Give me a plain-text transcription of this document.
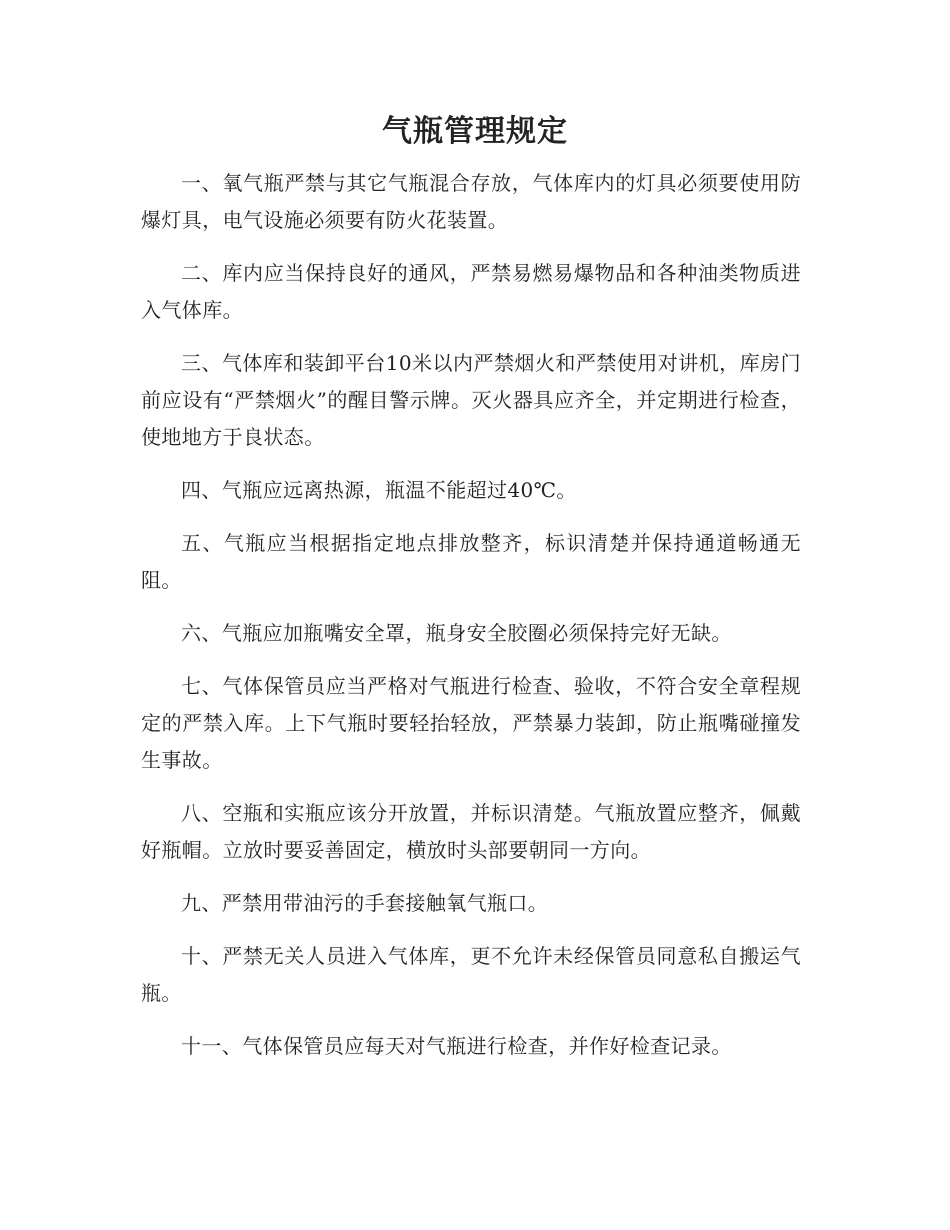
气瓶管理规定

一、氧气瓶严禁与其它气瓶混合存放，气体库内的灯具必须要使用防爆灯具，电气设施必须要有防火花装置。

二、库内应当保持良好的通风，严禁易燃易爆物品和各种油类物质进入气体库。

三、气体库和装卸平台10米以内严禁烟火和严禁使用对讲机，库房门前应设有“严禁烟火”的醒目警示牌。灭火器具应齐全，并定期进行检查，使地地方于良状态。

四、气瓶应远离热源，瓶温不能超过40℃。

五、气瓶应当根据指定地点排放整齐，标识清楚并保持通道畅通无阻。

六、气瓶应加瓶嘴安全罩，瓶身安全胶圈必须保持完好无缺。

七、气体保管员应当严格对气瓶进行检查、验收，不符合安全章程规定的严禁入库。上下气瓶时要轻抬轻放，严禁暴力装卸，防止瓶嘴碰撞发生事故。

八、空瓶和实瓶应该分开放置，并标识清楚。气瓶放置应整齐，佩戴好瓶帽。立放时要妥善固定，横放时头部要朝同一方向。

九、严禁用带油污的手套接触氧气瓶口。

十、严禁无关人员进入气体库，更不允许未经保管员同意私自搬运气瓶。

十一、气体保管员应每天对气瓶进行检查，并作好检查记录。
